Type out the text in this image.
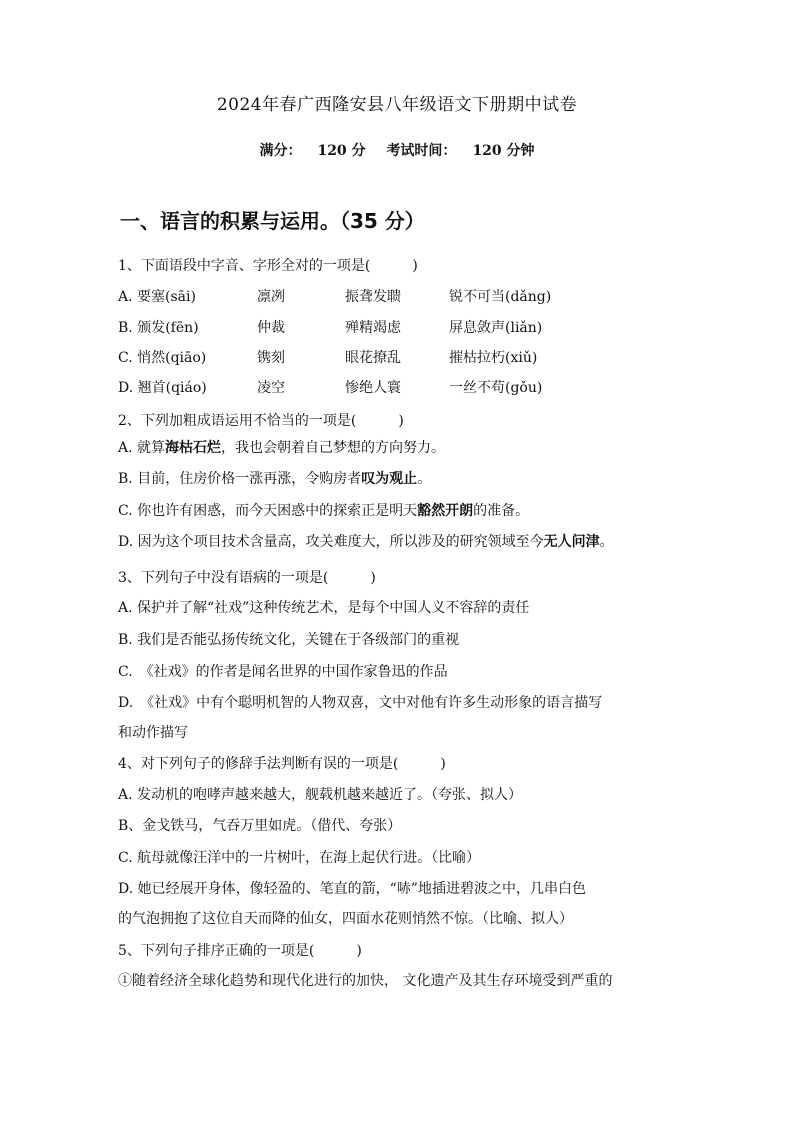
2024年春广西隆安县八年级语文下册期中试卷
满分： 120 分 考试时间： 120 分钟
一、语言的积累与运用。（35 分）
1、下面语段中字音、字形全对的一项是(　　　)
A. 要塞(sāi)	凛冽	振聋发聩	锐不可当(dǎng)
B. 颁发(fēn)	仲裁	殚精竭虑	屏息敛声(liǎn)
C. 悄然(qiāo)	镌刻	眼花撩乱	摧枯拉朽(xiǔ)
D. 翘首(qiáo)	凌空	惨绝人寰	一丝不苟(gǒu)
2、下列加粗成语运用不恰当的一项是(　　　)
A. 就算海枯石烂，我也会朝着自己梦想的方向努力。
B. 目前，住房价格一涨再涨，令购房者叹为观止。
C. 你也许有困惑，而今天困惑中的探索正是明天豁然开朗的准备。
D. 因为这个项目技术含量高，攻关难度大，所以涉及的研究领域至今无人问津。
3、下列句子中没有语病的一项是(　　　)
A. 保护并了解“社戏”这种传统艺术，是每个中国人义不容辞的责任
B. 我们是否能弘扬传统文化，关键在于各级部门的重视
C.　《社戏》的作者是闻名世界的中国作家鲁迅的作品
D.　《社戏》中有个聪明机智的人物双喜，文中对他有许多生动形象的语言描写
和动作描写
4、对下列句子的修辞手法判断有误的一项是(　　　)
A. 发动机的咆哮声越来越大，舰载机越来越近了。（夸张、拟人）
B、金戈铁马，气吞万里如虎。（借代、夸张）
C. 航母就像汪洋中的一片树叶，在海上起伏行进。（比喻）
D. 她已经展开身体，像轻盈的、笔直的箭，“哧”地插进碧波之中，几串白色
的气泡拥抱了这位自天而降的仙女，四面水花则悄然不惊。（比喻、拟人）
5、下列句子排序正确的一项是(　　　)
①随着经济全球化趋势和现代化进行的加快， 文化遗产及其生存环境受到严重的
